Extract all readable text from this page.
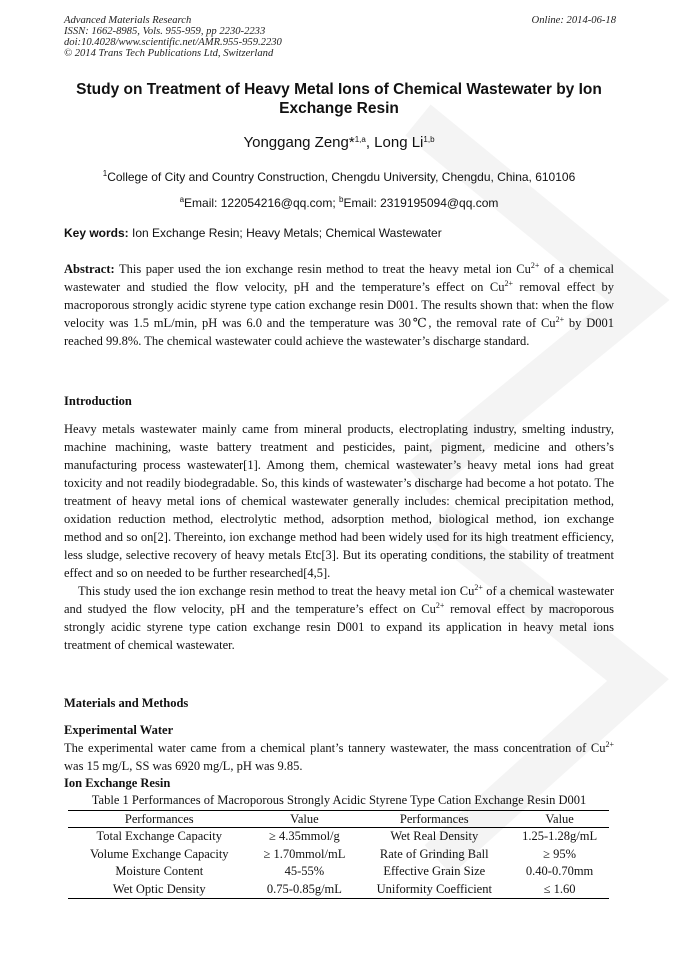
Advanced Materials Research
ISSN: 1662-8985, Vols. 955-959, pp 2230-2233
doi:10.4028/www.scientific.net/AMR.955-959.2230
© 2014 Trans Tech Publications Ltd, Switzerland
Online: 2014-06-18
Study on Treatment of Heavy Metal Ions of Chemical Wastewater by Ion Exchange Resin
Yonggang Zeng*$^{1,a}$, Long Li$^{1,b}$
$^1$College of City and Country Construction, Chengdu University, Chengdu, China, 610106
$^a$Email: 122054216@qq.com; $^b$Email: 2319195094@qq.com
Key words: Ion Exchange Resin; Heavy Metals; Chemical Wastewater
Abstract: This paper used the ion exchange resin method to treat the heavy metal ion $Cu^{2+}$ of a chemical wastewater and studied the flow velocity, pH and the temperature’s effect on $Cu^{2+}$ removal effect by macroporous strongly acidic styrene type cation exchange resin D001. The results shown that: when the flow velocity was 1.5 mL/min, pH was 6.0 and the temperature was 30℃, the removal rate of $Cu^{2+}$ by D001 reached 99.8%. The chemical wastewater could achieve the wastewater’s discharge standard.
Introduction
Heavy metals wastewater mainly came from mineral products, electroplating industry, smelting industry, machine machining, waste battery treatment and pesticides, paint, pigment, medicine and others’s manufacturing process wastewater[1]. Among them, chemical wastewater’s heavy metal ions had great toxicity and not readily biodegradable. So, this kinds of wastewater’s discharge had become a hot potato. The treatment of heavy metal ions of chemical wastewater generally includes: chemical precipitation method, oxidation reduction method, electrolytic method, adsorption method, biological method, ion exchange method and so on[2]. Thereinto, ion exchange method had been widely used for its high treatment efficiency, less sludge, selective recovery of heavy metals Etc[3]. But its operating conditions, the stability of treatment effect and so on needed to be further researched[4,5].
This study used the ion exchange resin method to treat the heavy metal ion $Cu^{2+}$ of a chemical wastewater and studyed the flow velocity, pH and the temperature’s effect on $Cu^{2+}$ removal effect by macroporous strongly acidic styrene type cation exchange resin D001 to expand its application in heavy metal ions treatment of chemical wastewater.
Materials and Methods
Experimental Water
The experimental water came from a chemical plant’s tannery wastewater, the mass concentration of $Cu^{2+}$ was 15 mg/L, SS was 6920 mg/L, pH was 9.85.
Ion Exchange Resin
Table 1 Performances of Macroporous Strongly Acidic Styrene Type Cation Exchange Resin D001
Performances	Value	Performances	Value
Total Exchange Capacity	≥ 4.35mmol/g	Wet Real Density	1.25-1.28g/mL
Volume Exchange Capacity	≥ 1.70mmol/mL	Rate of Grinding Ball	≥ 95%
Moisture Content	45-55%	Effective Grain Size	0.40-0.70mm
Wet Optic Density	0.75-0.85g/mL	Uniformity Coefficient	≤ 1.60
